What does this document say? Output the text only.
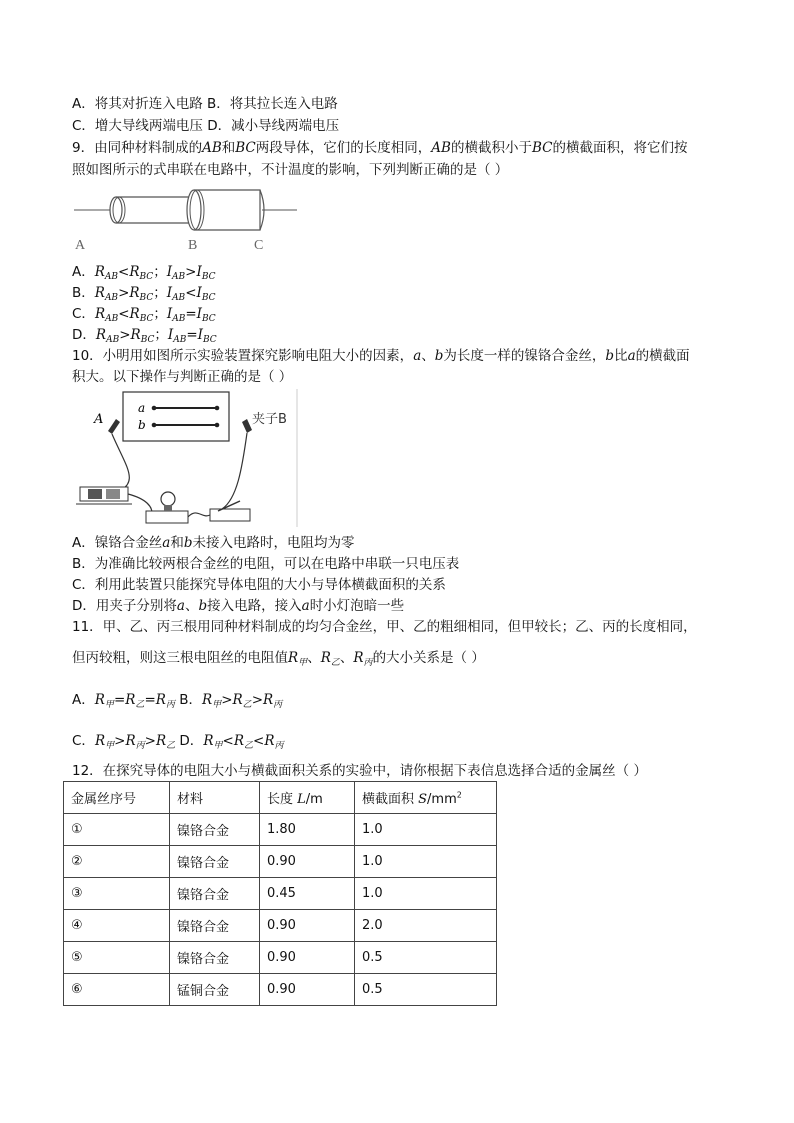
A．将其对折连入电路 B．将其拉长连入电路
C．增大导线两端电压 D．减小导线两端电压
9．由同种材料制成的AB和BC两段导体，它们的长度相同，AB的横截积小于BC的横截面积，将它们按
照如图所示的式串联在电路中，不计温度的影响，下列判断正确的是（ ）
A	B	C
A．$R_{AB}<R_{BC}$；$I_{AB}>I_{BC}$
B．$R_{AB}>R_{BC}$；$I_{AB}<I_{BC}$
C．$R_{AB}<R_{BC}$；$I_{AB}=I_{BC}$
D．$R_{AB}>R_{BC}$；$I_{AB}=I_{BC}$
10．小明用如图所示实验装置探究影响电阻大小的因素，a、b为长度一样的镍铬合金丝，b比a的横截面
积大。以下操作与判断正确的是（ ）
a
b
A	夹子B
A．镍铬合金丝a和b未接入电路时，电阻均为零
B．为准确比较两根合金丝的电阻，可以在电路中串联一只电压表
C．利用此装置只能探究导体电阻的大小与导体横截面积的关系
D．用夹子分别将a、b接入电路，接入a时小灯泡暗一些
11．甲、乙、丙三根用同种材料制成的均匀合金丝，甲、乙的粗细相同，但甲较长；乙、丙的长度相同，
但丙较粗，则这三根电阻丝的电阻值$R_甲$、$R_乙$、$R_丙$的大小关系是（ ）
A．$R_甲=R_乙=R_丙$ B．$R_甲>R_乙>R_丙$
C．$R_甲>R_丙>R_乙$ D．$R_甲<R_乙<R_丙$
12．在探究导体的电阻大小与横截面积关系的实验中，请你根据下表信息选择合适的金属丝（ ）
金属丝序号	材料	长度 L/m	横截面积 $S/mm^2$
①	镍铬合金	1.80	1.0
②	镍铬合金	0.90	1.0
③	镍铬合金	0.45	1.0
④	镍铬合金	0.90	2.0
⑤	镍铬合金	0.90	0.5
⑥	锰铜合金	0.90	0.5
